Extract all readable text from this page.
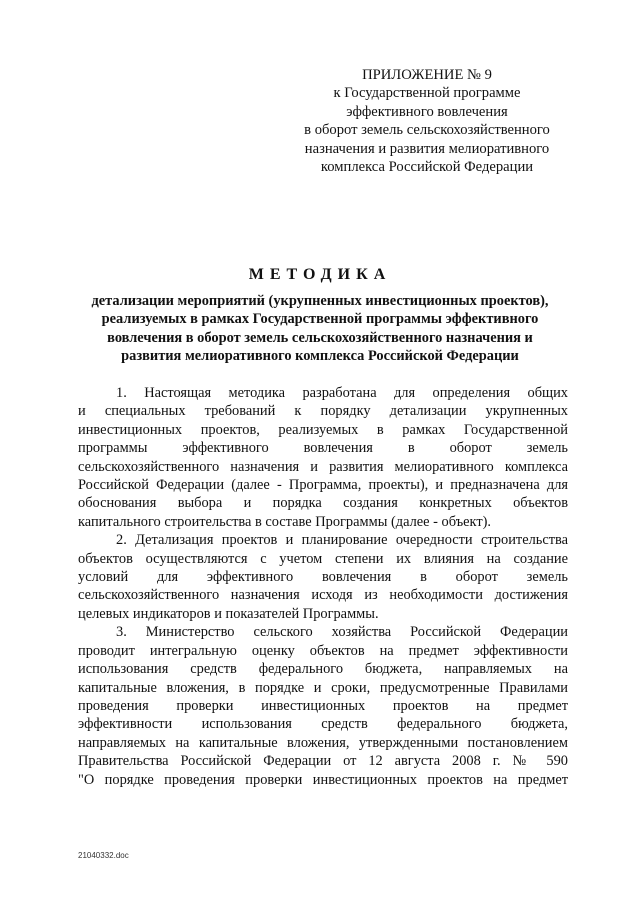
ПРИЛОЖЕНИЕ № 9
к Государственной программе
эффективного вовлечения
в оборот земель сельскохозяйственного
назначения и развития мелиоративного
комплекса Российской Федерации
МЕТОДИКА
детализации мероприятий (укрупненных инвестиционных проектов),
реализуемых в рамках Государственной программы эффективного
вовлечения в оборот земель сельскохозяйственного назначения и
развития мелиоративного комплекса Российской Федерации
1. Настоящая методика разработана для определения общих
и специальных требований к порядку детализации укрупненных
инвестиционных проектов, реализуемых в рамках Государственной
программы эффективного вовлечения в оборот земель
сельскохозяйственного назначения и развития мелиоративного комплекса
Российской Федерации (далее - Программа, проекты), и предназначена для
обоснования выбора и порядка создания конкретных объектов
капитального строительства в составе Программы (далее - объект).
2. Детализация проектов и планирование очередности строительства
объектов осуществляются с учетом степени их влияния на создание
условий для эффективного вовлечения в оборот земель
сельскохозяйственного назначения исходя из необходимости достижения
целевых индикаторов и показателей Программы.
3. Министерство сельского хозяйства Российской Федерации
проводит интегральную оценку объектов на предмет эффективности
использования средств федерального бюджета, направляемых на
капитальные вложения, в порядке и сроки, предусмотренные Правилами
проведения проверки инвестиционных проектов на предмет
эффективности использования средств федерального бюджета,
направляемых на капитальные вложения, утвержденными постановлением
Правительства Российской Федерации от 12 августа 2008 г. № 590
"О порядке проведения проверки инвестиционных проектов на предмет
21040332.doc
